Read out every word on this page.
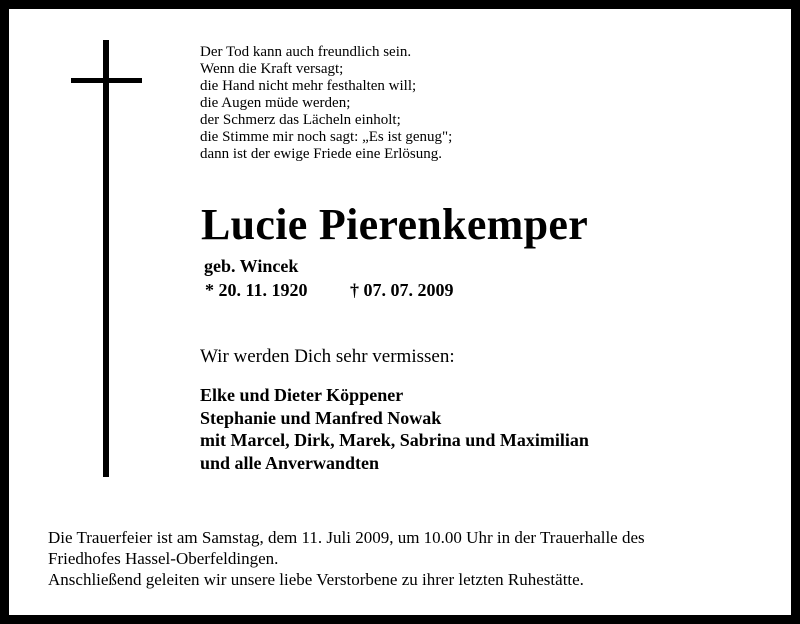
Der Tod kann auch freundlich sein.
Wenn die Kraft versagt;
die Hand nicht mehr festhalten will;
die Augen müde werden;
der Schmerz das Lächeln einholt;
die Stimme mir noch sagt: „Es ist genug";
dann ist der ewige Friede eine Erlösung.
Lucie Pierenkemper
geb. Wincek
* 20. 11. 1920 † 07. 07. 2009
Wir werden Dich sehr vermissen:
Elke und Dieter Köppener
Stephanie und Manfred Nowak
mit Marcel, Dirk, Marek, Sabrina und Maximilian
und alle Anverwandten
Die Trauerfeier ist am Samstag, dem 11. Juli 2009, um 10.00 Uhr in der Trauerhalle des
Friedhofes Hassel-Oberfeldingen.
Anschließend geleiten wir unsere liebe Verstorbene zu ihrer letzten Ruhestätte.
